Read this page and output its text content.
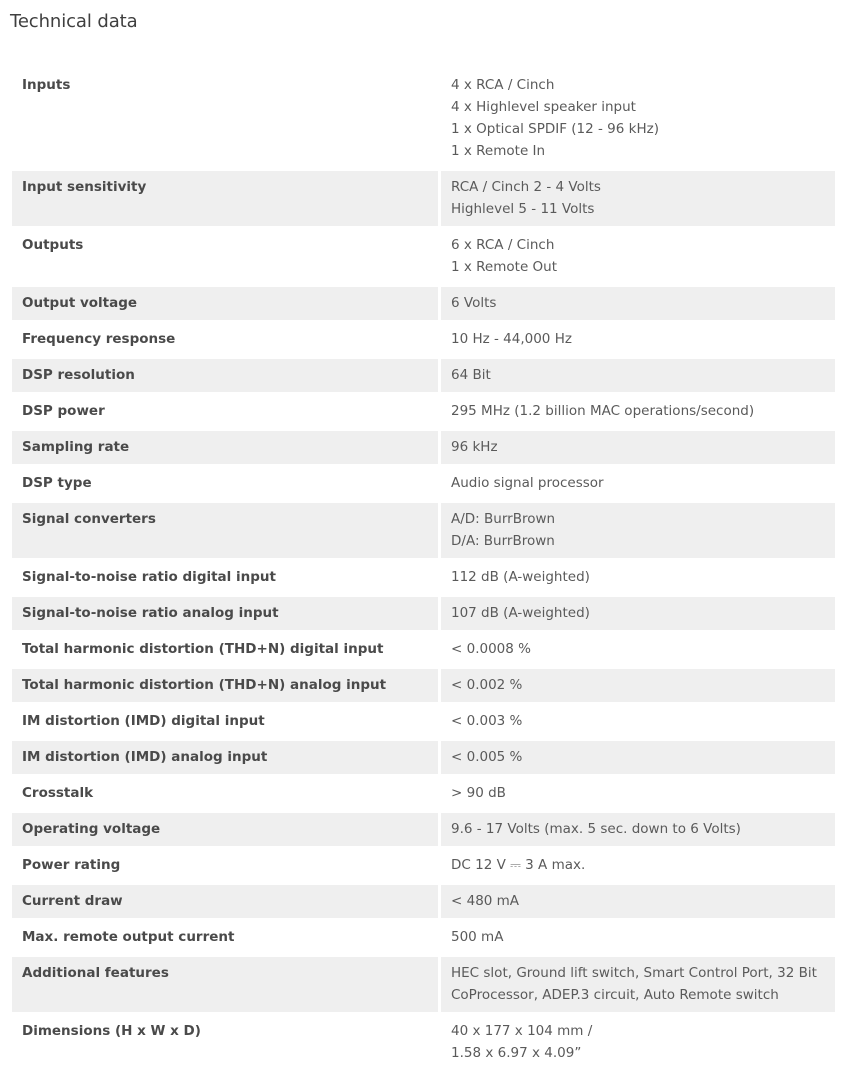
Technical data
Inputs	4 x RCA / Cinch
4 x Highlevel speaker input
1 x Optical SPDIF (12 - 96 kHz)
1 x Remote In

Input sensitivity	RCA / Cinch 2 - 4 Volts
Highlevel 5 - 11 Volts

Outputs	6 x RCA / Cinch
1 x Remote Out

Output voltage	6 Volts

Frequency response	10 Hz - 44,000 Hz

DSP resolution	64 Bit

DSP power	295 MHz (1.2 billion MAC operations/second)

Sampling rate	96 kHz

DSP type	Audio signal processor

Signal converters	A/D: BurrBrown
D/A: BurrBrown

Signal-to-noise ratio digital input	112 dB (A-weighted)

Signal-to-noise ratio analog input	107 dB (A-weighted)

Total harmonic distortion (THD+N) digital input	< 0.0008 %

Total harmonic distortion (THD+N) analog input	< 0.002 %

IM distortion (IMD) digital input	< 0.003 %

IM distortion (IMD) analog input	< 0.005 %

Crosstalk	> 90 dB

Operating voltage	9.6 - 17 Volts (max. 5 sec. down to 6 Volts)

Power rating	DC 12 V ⎓ 3 A max.

Current draw	< 480 mA

Max. remote output current	500 mA

Additional features	HEC slot, Ground lift switch, Smart Control Port, 32 Bit
CoProcessor, ADEP.3 circuit, Auto Remote switch

Dimensions (H x W x D)	40 x 177 x 104 mm /
1.58 x 6.97 x 4.09”
